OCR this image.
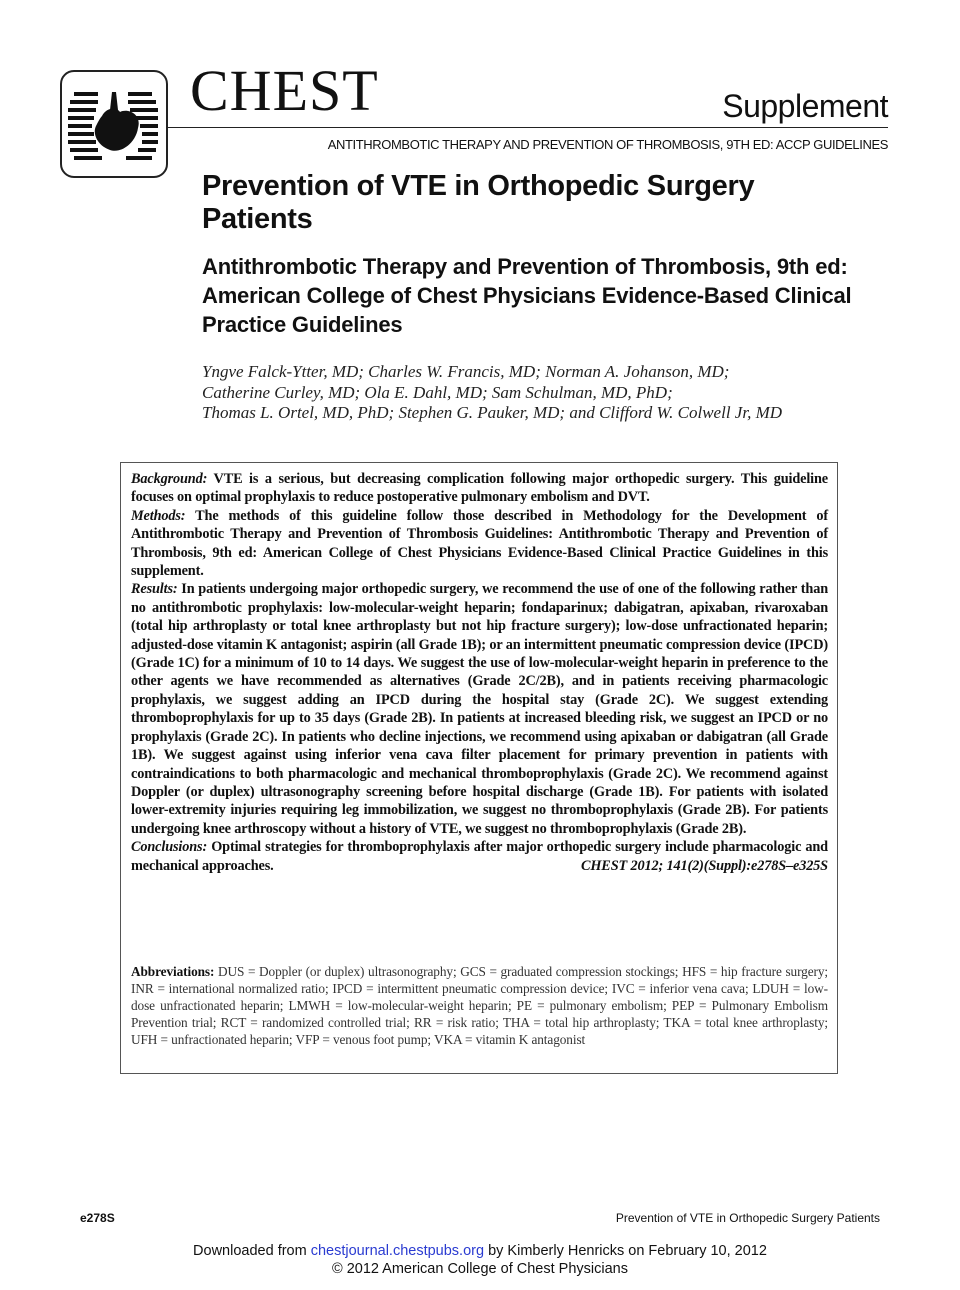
CHEST	Supplement
ANTITHROMBOTIC THERAPY AND PREVENTION OF THROMBOSIS, 9TH ED: ACCP GUIDELINES
Prevention of VTE in Orthopedic Surgery Patients
Antithrombotic Therapy and Prevention of Thrombosis, 9th ed: American College of Chest Physicians Evidence-Based Clinical Practice Guidelines
Yngve Falck-Ytter, MD; Charles W. Francis, MD; Norman A. Johanson, MD;
Catherine Curley, MD; Ola E. Dahl, MD; Sam Schulman, MD, PhD;
Thomas L. Ortel, MD, PhD; Stephen G. Pauker, MD; and Clifford W. Colwell Jr, MD

Background: VTE is a serious, but decreasing complication following major orthopedic surgery. This guideline focuses on optimal prophylaxis to reduce postoperative pulmonary embolism and DVT.

Methods: The methods of this guideline follow those described in Methodology for the Development of Antithrombotic Therapy and Prevention of Thrombosis Guidelines: Antithrombotic Therapy and Prevention of Thrombosis, 9th ed: American College of Chest Physicians Evidence-Based Clinical Practice Guidelines in this supplement.

Results: In patients undergoing major orthopedic surgery, we recommend the use of one of the following rather than no antithrombotic prophylaxis: low-molecular-weight heparin; fondaparinux; dabigatran, apixaban, rivaroxaban (total hip arthroplasty or total knee arthroplasty but not hip fracture surgery); low-dose unfractionated heparin; adjusted-dose vitamin K antagonist; aspirin (all Grade 1B); or an intermittent pneumatic compression device (IPCD) (Grade 1C) for a minimum of 10 to 14 days. We suggest the use of low-molecular-weight heparin in preference to the other agents we have recommended as alternatives (Grade 2C/2B), and in patients receiving pharmacologic prophylaxis, we suggest adding an IPCD during the hospital stay (Grade 2C). We suggest extending thromboprophylaxis for up to 35 days (Grade 2B). In patients at increased bleeding risk, we suggest an IPCD or no prophylaxis (Grade 2C). In patients who decline injections, we recommend using apixaban or dabigatran (all Grade 1B). We suggest against using inferior vena cava filter placement for primary prevention in patients with contraindications to both pharmacologic and mechanical thromboprophylaxis (Grade 2C). We recommend against Doppler (or duplex) ultrasonography screening before hospital discharge (Grade 1B). For patients with isolated lower-extremity injuries requiring leg immobilization, we suggest no thromboprophylaxis (Grade 2B). For patients undergoing knee arthroscopy without a history of VTE, we suggest no thromboprophylaxis (Grade 2B).

Conclusions: Optimal strategies for thromboprophylaxis after major orthopedic surgery include pharmacologic and mechanical approaches.	CHEST 2012; 141(2)(Suppl):e278S–e325S

Abbreviations: DUS = Doppler (or duplex) ultrasonography; GCS = graduated compression stockings; HFS = hip fracture surgery; INR = international normalized ratio; IPCD = intermittent pneumatic compression device; IVC = inferior vena cava; LDUH = low-dose unfractionated heparin; LMWH = low-molecular-weight heparin; PE = pulmonary embolism; PEP = Pulmonary Embolism Prevention trial; RCT = randomized controlled trial; RR = risk ratio; THA = total hip arthroplasty; TKA = total knee arthroplasty; UFH = unfractionated heparin; VFP = venous foot pump; VKA = vitamin K antagonist
e278S	Prevention of VTE in Orthopedic Surgery Patients
Downloaded from chestjournal.chestpubs.org by Kimberly Henricks on February 10, 2012
© 2012 American College of Chest Physicians
